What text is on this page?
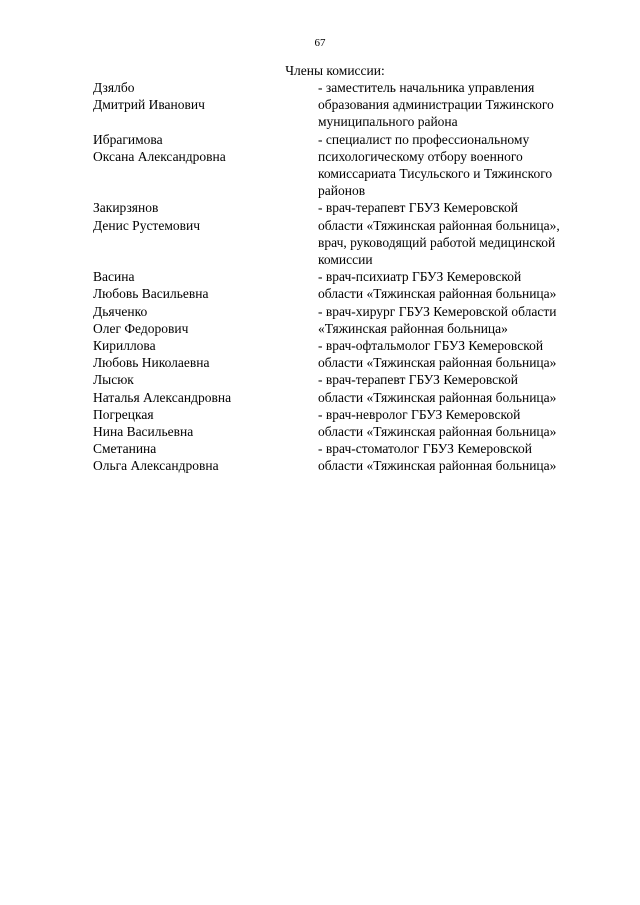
67
Члены комиссии:
Дзялбо
Дмитрий Иванович
- заместитель начальника управления
образования администрации Тяжинского
муниципального района
Ибрагимова
Оксана Александровна
- специалист по профессиональному
психологическому отбору военного
комиссариата Тисульского и Тяжинского
районов
Закирзянов
Денис Рустемович
- врач-терапевт ГБУЗ Кемеровской
области «Тяжинская районная больница»,
врач, руководящий работой медицинской
комиссии
Васина
Любовь Васильевна
- врач-психиатр ГБУЗ Кемеровской
области «Тяжинская районная больница»
Дьяченко
Олег Федорович
- врач-хирург ГБУЗ Кемеровской области
«Тяжинская районная больница»
Кириллова
Любовь Николаевна
- врач-офтальмолог ГБУЗ Кемеровской
области «Тяжинская районная больница»
Лысюк
Наталья Александровна
- врач-терапевт ГБУЗ Кемеровской
области «Тяжинская районная больница»
Погрецкая
Нина Васильевна
- врач-невролог ГБУЗ Кемеровской
области «Тяжинская районная больница»
Сметанина
Ольга Александровна
- врач-стоматолог ГБУЗ Кемеровской
области «Тяжинская районная больница»
